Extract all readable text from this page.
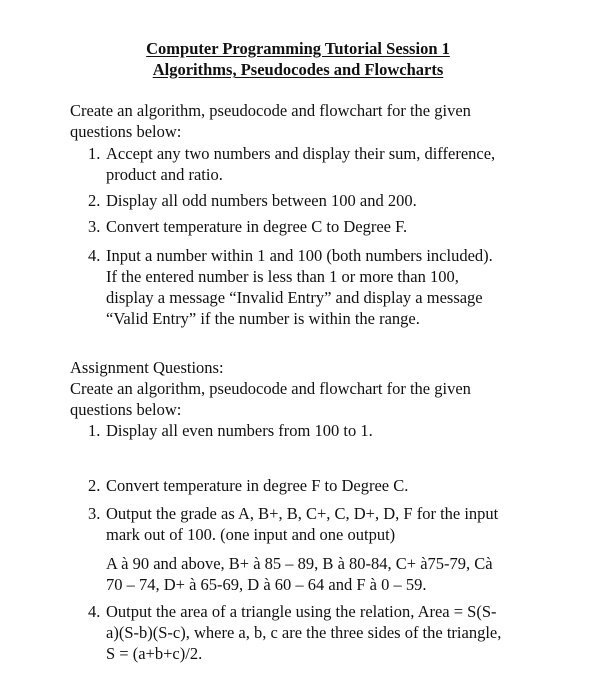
Computer Programming Tutorial Session 1
Algorithms, Pseudocodes and Flowcharts
Create an algorithm, pseudocode and flowchart for the given
questions below:
1. Accept any two numbers and display their sum, difference,
product and ratio.
2. Display all odd numbers between 100 and 200.
3. Convert temperature in degree C to Degree F.
4. Input a number within 1 and 100 (both numbers included).
If the entered number is less than 1 or more than 100,
display a message “Invalid Entry” and display a message
“Valid Entry” if the number is within the range.
Assignment Questions:
Create an algorithm, pseudocode and flowchart for the given
questions below:
1. Display all even numbers from 100 to 1.
2. Convert temperature in degree F to Degree C.
3. Output the grade as A, B+, B, C+, C, D+, D, F for the input
mark out of 100. (one input and one output)
A à 90 and above, B+ à 85 – 89, B à 80-84, C+ à75-79, Cà
70 – 74, D+ à 65-69, D à 60 – 64 and F à 0 – 59.
4. Output the area of a triangle using the relation, Area = S(S-
a)(S-b)(S-c), where a, b, c are the three sides of the triangle,
S = (a+b+c)/2.
